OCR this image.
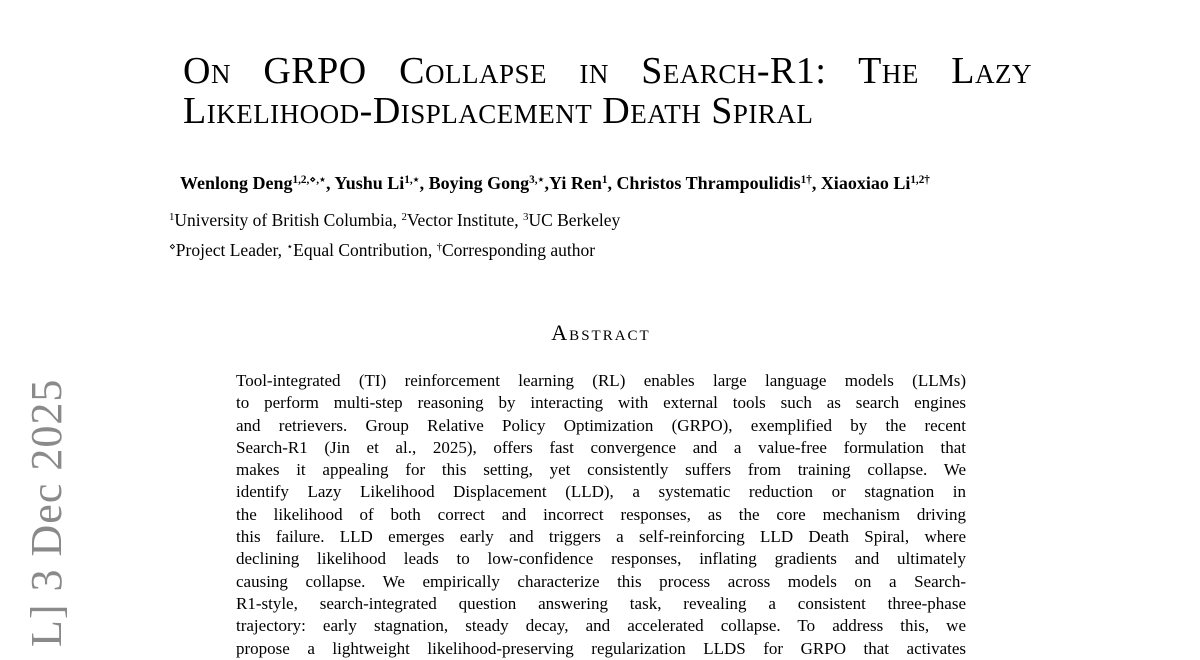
L] 3 Dec 2025
On GRPO Collapse in Search-R1: The Lazy
Likelihood-Displacement Death Spiral
Wenlong Deng$^{1,2,⋄,⋆}$, Yushu $Li^{1,⋆}$, Boying Gong$^{3,⋆}$,Yi Ren$^1$, Christos Thrampoulidis$^{1\dagger}$, Xiaoxiao $Li^{1,2\dagger}$
$^1$University of British Columbia, $^2$Vector Institute, $^3$UC Berkeley
⋄Project Leader, ⋆Equal Contribution, †Corresponding author
Abstract
Tool-integrated (TI) reinforcement learning (RL) enables large language models (LLMs)
to perform multi-step reasoning by interacting with external tools such as search engines
and retrievers. Group Relative Policy Optimization (GRPO), exemplified by the recent
Search-R1 (Jin et al., 2025), offers fast convergence and a value-free formulation that
makes it appealing for this setting, yet consistently suffers from training collapse. We
identify Lazy Likelihood Displacement (LLD), a systematic reduction or stagnation in
the likelihood of both correct and incorrect responses, as the core mechanism driving
this failure. LLD emerges early and triggers a self-reinforcing LLD Death Spiral, where
declining likelihood leads to low-confidence responses, inflating gradients and ultimately
causing collapse. We empirically characterize this process across models on a Search-
R1-style, search-integrated question answering task, revealing a consistent three-phase
trajectory: early stagnation, steady decay, and accelerated collapse. To address this, we
propose a lightweight likelihood-preserving regularization LLDS for GRPO that activates
